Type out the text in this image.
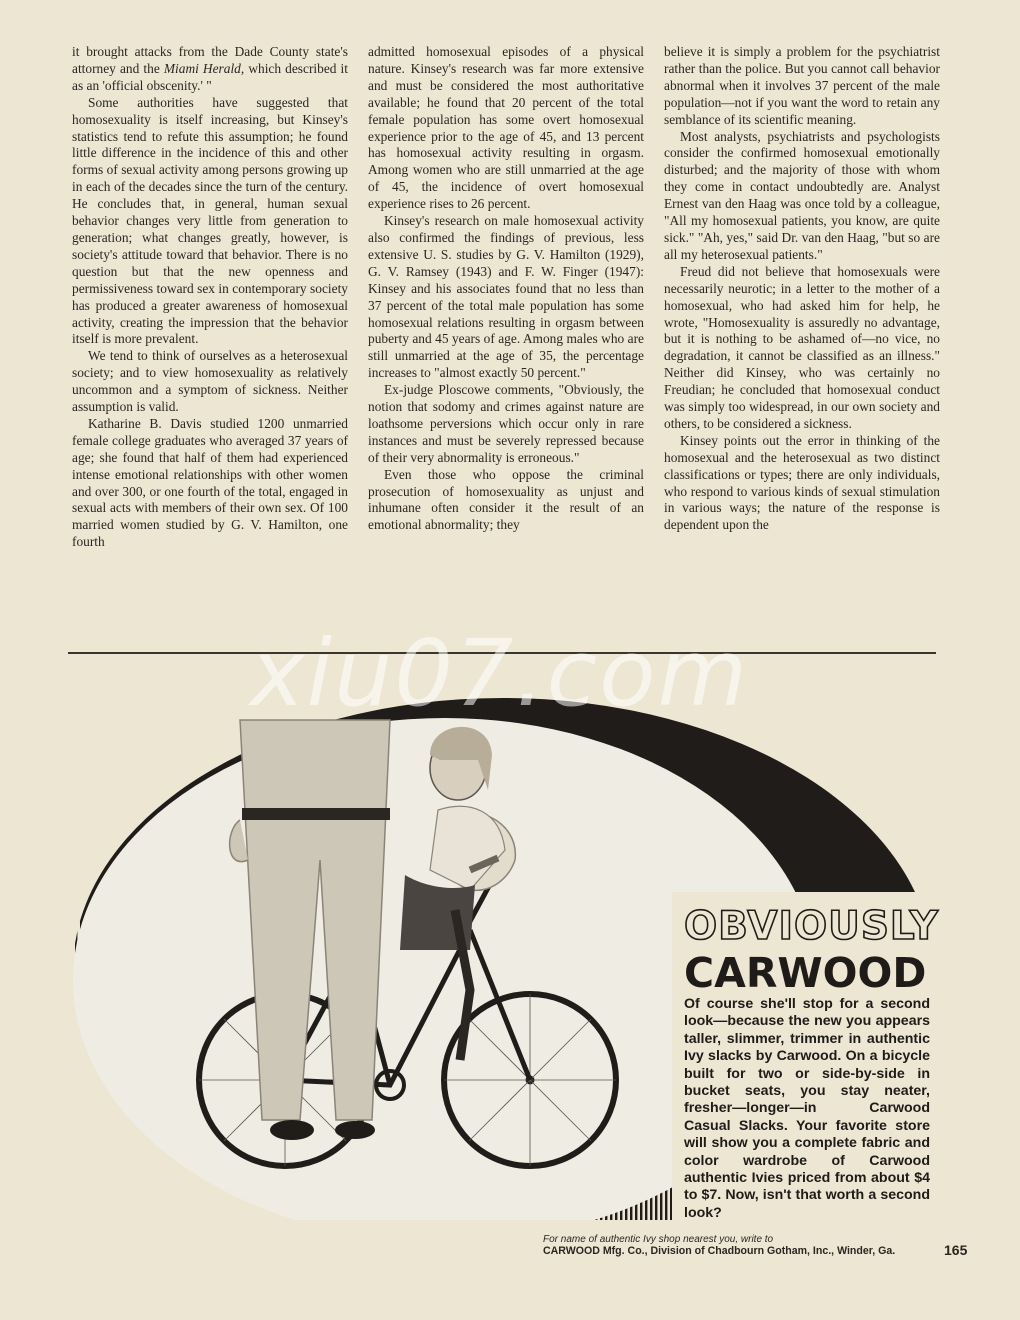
it brought attacks from the Dade County state's attorney and the Miami Herald, which described it as an 'official obscenity.' "

Some authorities have suggested that homosexuality is itself increasing, but Kinsey's statistics tend to refute this assumption; he found little difference in the incidence of this and other forms of sexual activity among persons growing up in each of the decades since the turn of the century. He concludes that, in general, human sexual behavior changes very little from generation to generation; what changes greatly, however, is society's attitude toward that behavior. There is no question but that the new openness and permissiveness toward sex in contemporary society has produced a greater awareness of homosexual activity, creating the impression that the behavior itself is more prevalent.

We tend to think of ourselves as a heterosexual society; and to view homosexuality as relatively uncommon and a symptom of sickness. Neither assumption is valid.

Katharine B. Davis studied 1200 unmarried female college graduates who averaged 37 years of age; she found that half of them had experienced intense emotional relationships with other women and over 300, or one fourth of the total, engaged in sexual acts with members of their own sex. Of 100 married women studied by G. V. Hamilton, one fourth

admitted homosexual episodes of a physical nature. Kinsey's research was far more extensive and must be considered the most authoritative available; he found that 20 percent of the total female population has some overt homosexual experience prior to the age of 45, and 13 percent has homosexual activity resulting in orgasm. Among women who are still unmarried at the age of 45, the incidence of overt homosexual experience rises to 26 percent.

Kinsey's research on male homosexual activity also confirmed the findings of previous, less extensive U. S. studies by G. V. Hamilton (1929), G. V. Ramsey (1943) and F. W. Finger (1947): Kinsey and his associates found that no less than 37 percent of the total male population has some homosexual relations resulting in orgasm between puberty and 45 years of age. Among males who are still unmarried at the age of 35, the percentage increases to "almost exactly 50 percent."

Ex-judge Ploscowe comments, "Obviously, the notion that sodomy and crimes against nature are loathsome perversions which occur only in rare instances and must be severely repressed because of their very abnormality is erroneous."

Even those who oppose the criminal prosecution of homosexuality as unjust and inhumane often consider it the result of an emotional abnormality; they

believe it is simply a problem for the psychiatrist rather than the police. But you cannot call behavior abnormal when it involves 37 percent of the male population—not if you want the word to retain any semblance of its scientific meaning.

Most analysts, psychiatrists and psychologists consider the confirmed homosexual emotionally disturbed; and the majority of those with whom they come in contact undoubtedly are. Analyst Ernest van den Haag was once told by a colleague, "All my homosexual patients, you know, are quite sick." "Ah, yes," said Dr. van den Haag, "but so are all my heterosexual patients."

Freud did not believe that homosexuals were necessarily neurotic; in a letter to the mother of a homosexual, who had asked him for help, he wrote, "Homosexuality is assuredly no advantage, but it is nothing to be ashamed of—no vice, no degradation, it cannot be classified as an illness." Neither did Kinsey, who was certainly no Freudian; he concluded that homosexual conduct was simply too widespread, in our own society and others, to be considered a sickness.

Kinsey points out the error in thinking of the homosexual and the heterosexual as two distinct classifications or types; there are only individuals, who respond to various kinds of sexual stimulation in various ways; the nature of the response is dependent upon the

xiu07.com
OBVIOUSLY
CARWOOD
Of course she'll stop for a second look—because the new you appears taller, slimmer, trimmer in authentic Ivy slacks by Carwood. On a bicycle built for two or side-by-side in bucket seats, you stay neater, fresher—longer—in Carwood Casual Slacks. Your favorite store will show you a complete fabric and color wardrobe of Carwood authentic Ivies priced from about $4 to $7. Now, isn't that worth a second look?
For name of authentic Ivy shop nearest you, write to
CARWOOD Mfg. Co., Division of Chadbourn Gotham, Inc., Winder, Ga.	165
